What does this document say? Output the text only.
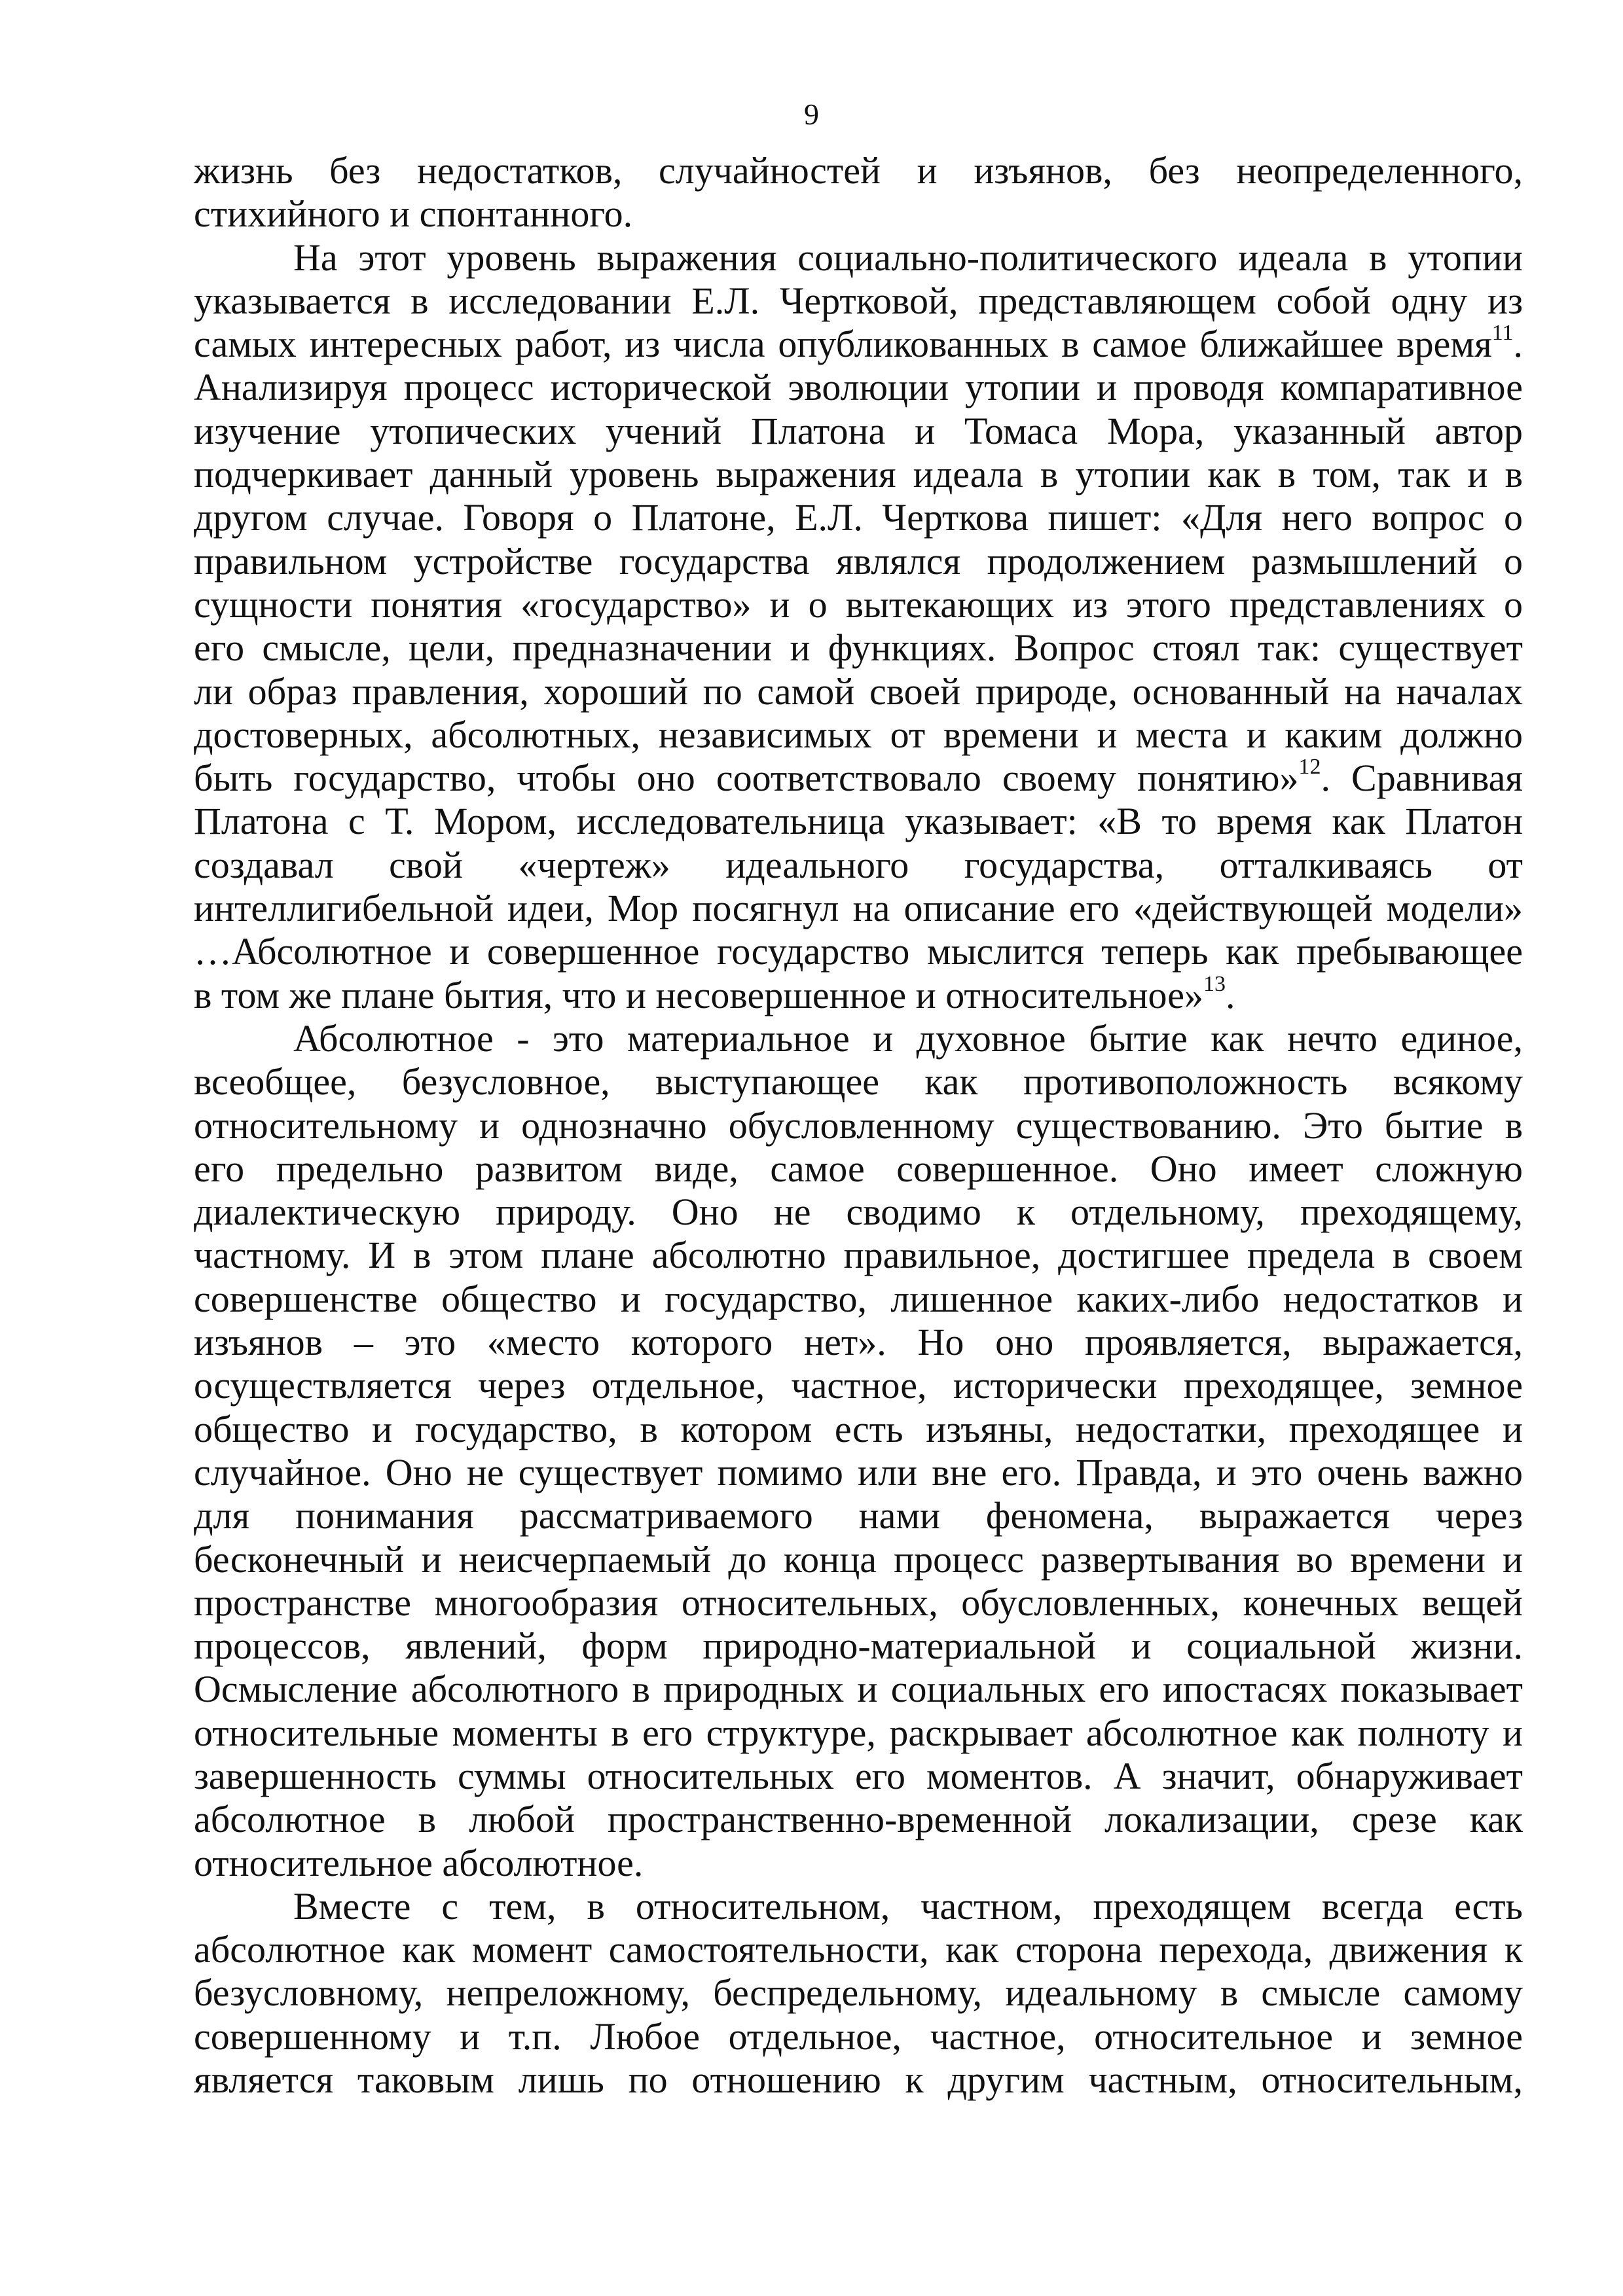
9
жизнь без недостатков, случайностей и изъянов, без неопределенного,
стихийного и спонтанного.
На этот уровень выражения социально-политического идеала в утопии
указывается в исследовании Е.Л. Чертковой, представляющем собой одну из
самых интересных работ, из числа опубликованных в самое ближайшее время$^{11}$.
Анализируя процесс исторической эволюции утопии и проводя компаративное
изучение утопических учений Платона и Томаса Мора, указанный автор
подчеркивает данный уровень выражения идеала в утопии как в том, так и в
другом случае. Говоря о Платоне, Е.Л. Черткова пишет: «Для него вопрос о
правильном устройстве государства являлся продолжением размышлений о
сущности понятия «государство» и о вытекающих из этого представлениях о
его смысле, цели, предназначении и функциях. Вопрос стоял так: существует
ли образ правления, хороший по самой своей природе, основанный на началах
достоверных, абсолютных, независимых от времени и места и каким должно
быть государство, чтобы оно соответствовало своему понятию»$^{12}$. Сравнивая
Платона с Т. Мором, исследовательница указывает: «В то время как Платон
создавал свой «чертеж» идеального государства, отталкиваясь от
интеллигибельной идеи, Мор посягнул на описание его «действующей модели»
…Абсолютное и совершенное государство мыслится теперь как пребывающее
в том же плане бытия, что и несовершенное и относительное»$^{13}$.
Абсолютное - это материальное и духовное бытие как нечто единое,
всеобщее, безусловное, выступающее как противоположность всякому
относительному и однозначно обусловленному существованию. Это бытие в
его предельно развитом виде, самое совершенное. Оно имеет сложную
диалектическую природу. Оно не сводимо к отдельному, преходящему,
частному. И в этом плане абсолютно правильное, достигшее предела в своем
совершенстве общество и государство, лишенное каких-либо недостатков и
изъянов – это «место которого нет». Но оно проявляется, выражается,
осуществляется через отдельное, частное, исторически преходящее, земное
общество и государство, в котором есть изъяны, недостатки, преходящее и
случайное. Оно не существует помимо или вне его. Правда, и это очень важно
для понимания рассматриваемого нами феномена, выражается через
бесконечный и неисчерпаемый до конца процесс развертывания во времени и
пространстве многообразия относительных, обусловленных, конечных вещей
процессов, явлений, форм природно-материальной и социальной жизни.
Осмысление абсолютного в природных и социальных его ипостасях показывает
относительные моменты в его структуре, раскрывает абсолютное как полноту и
завершенность суммы относительных его моментов. А значит, обнаруживает
абсолютное в любой пространственно-временной локализации, срезе как
относительное абсолютное.
Вместе с тем, в относительном, частном, преходящем всегда есть
абсолютное как момент самостоятельности, как сторона перехода, движения к
безусловному, непреложному, беспредельному, идеальному в смысле самому
совершенному и т.п. Любое отдельное, частное, относительное и земное
является таковым лишь по отношению к другим частным, относительным,
